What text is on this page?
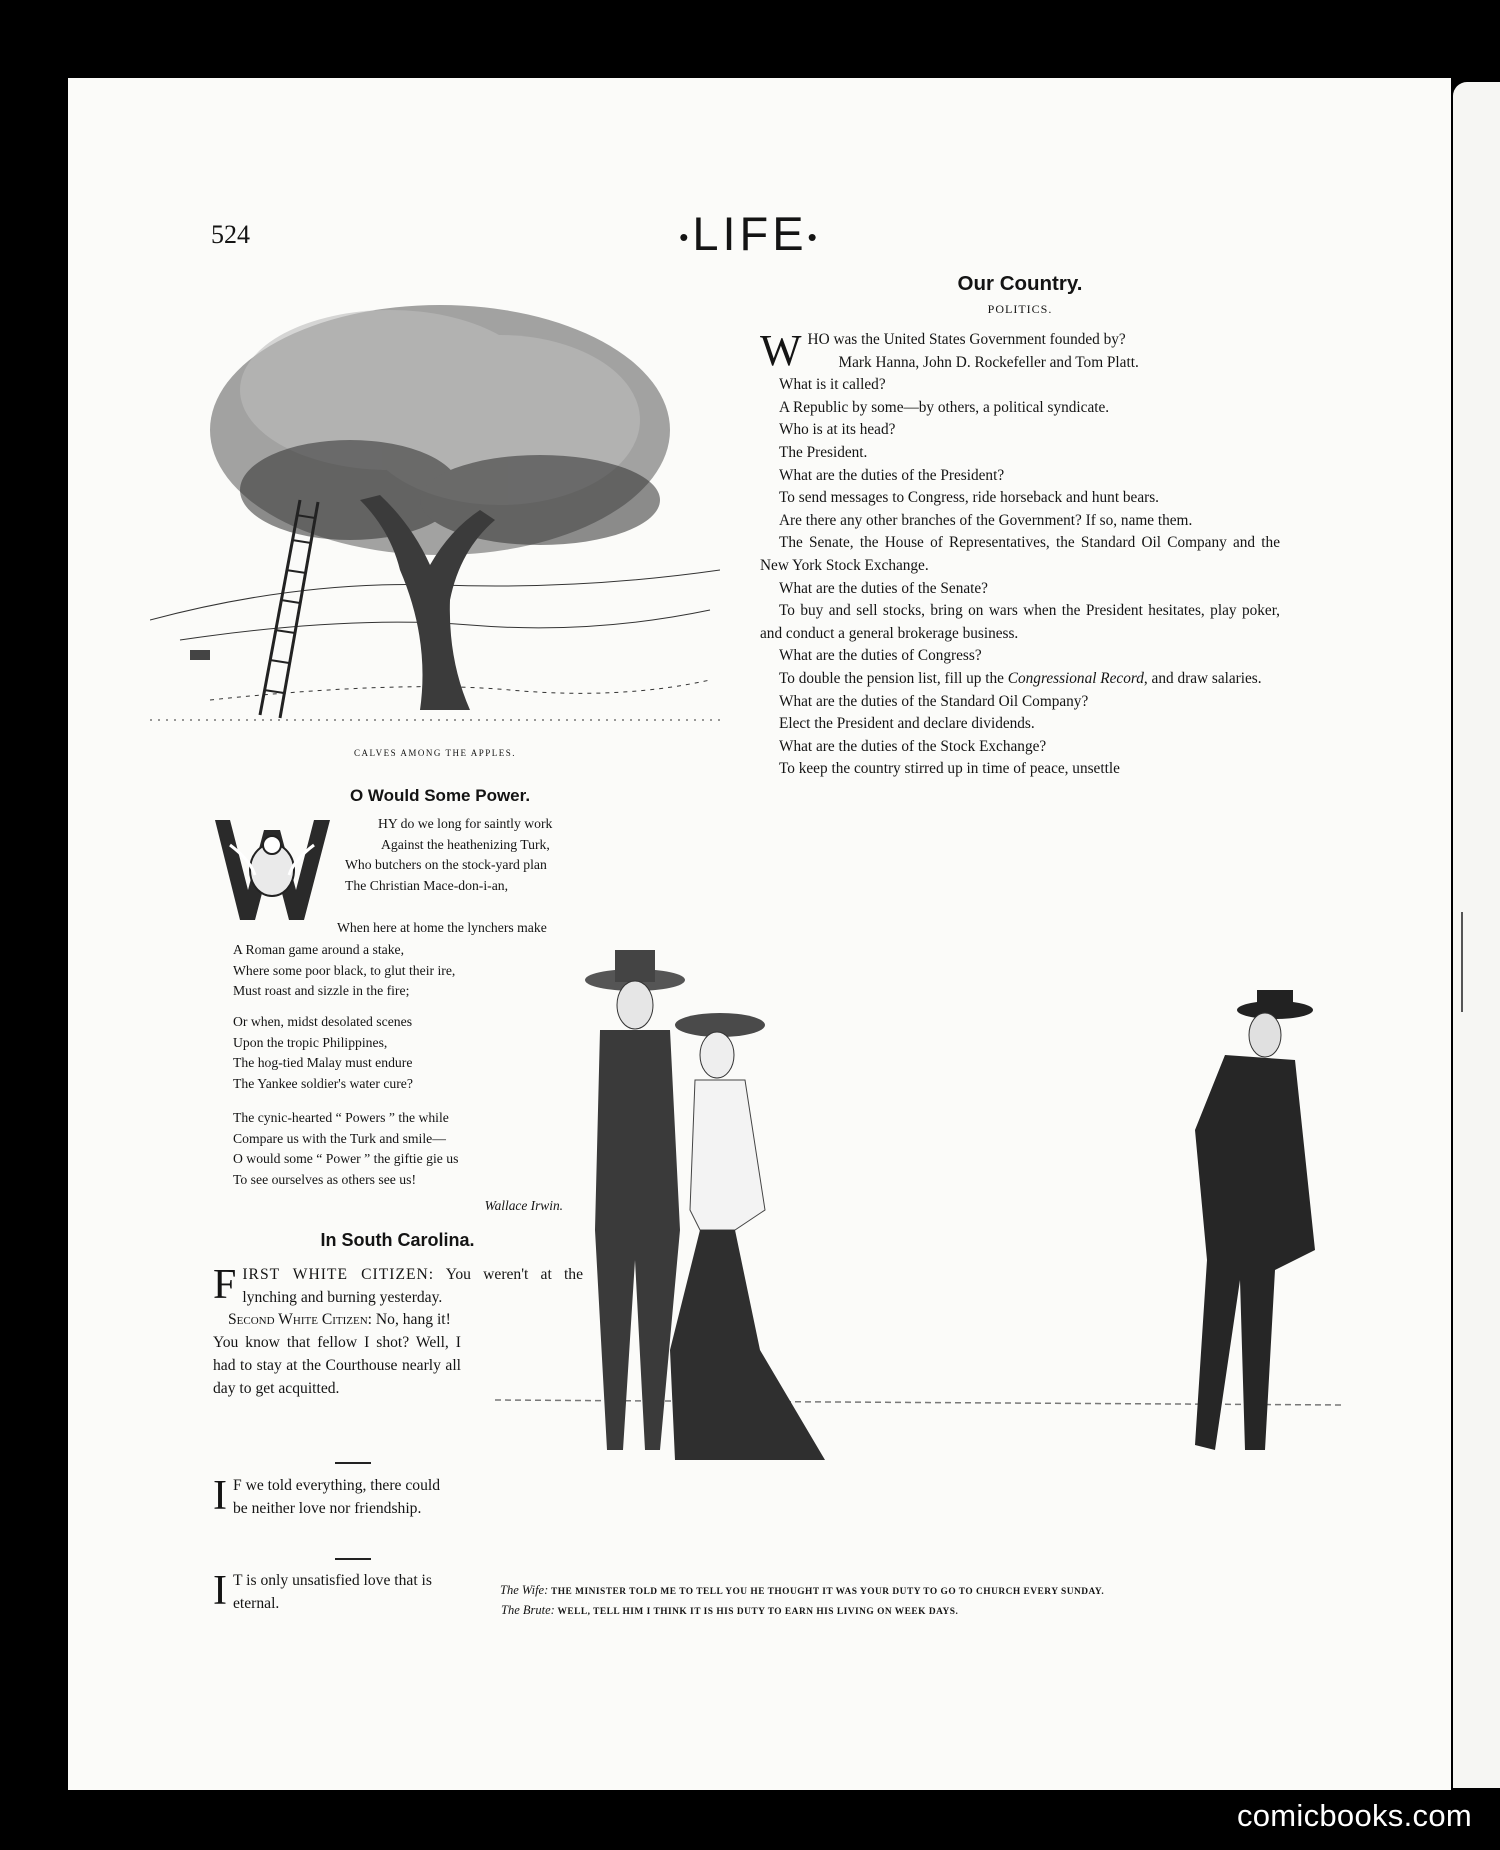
524	•LIFE•
CALVES AMONG THE APPLES.
Our Country.
POLITICS.

WHO was the United States Government founded by?
Mark Hanna, John D. Rockefeller and Tom Platt.

What is it called?

A Republic by some—by others, a political syndicate.

Who is at its head?

The President.

What are the duties of the President?

To send messages to Congress, ride horseback and hunt bears.

Are there any other branches of the Government? If so, name them.

The Senate, the House of Representatives, the Standard Oil Company and the New York Stock Exchange.

What are the duties of the Senate?

To buy and sell stocks, bring on wars when the President hesitates, play poker, and conduct a general brokerage business.

What are the duties of Congress?

To double the pension list, fill up the Congressional Record, and draw salaries.

What are the duties of the Standard Oil Company?

Elect the President and declare dividends.

What are the duties of the Stock Exchange?

To keep the country stirred up in time of peace, unsettle

O Would Some Power.

HY do we long for saintly work

Against the heathenizing Turk,

Who butchers on the stock-yard plan

The Christian Mace-don-i-an,

When here at home the lynchers make

A Roman game around a stake,

Where some poor black, to glut their ire,

Must roast and sizzle in the fire;

Or when, midst desolated scenes

Upon the tropic Philippines,

The hog-tied Malay must endure

The Yankee soldier's water cure?

The cynic-hearted “ Powers ” the while

Compare us with the Turk and smile—

O would some “ Power ” the giftie gie us

To see ourselves as others see us!

Wallace Irwin.
In South Carolina.

FIRST WHITE CITIZEN: You weren't at the lynching and burning yesterday.

Second White Citizen: No, hang it!

You know that fellow I shot? Well, I had to stay at the Courthouse nearly all day to get acquitted.

I F we told everything, there could be neither love nor friendship.

I T is only unsatisfied love that is eternal.

The Wife: THE MINISTER TOLD ME TO TELL YOU HE THOUGHT IT WAS YOUR DUTY TO GO TO CHURCH EVERY SUNDAY.

The Brute: WELL, TELL HIM I THINK IT IS HIS DUTY TO EARN HIS LIVING ON WEEK DAYS.

comicbooks.com
